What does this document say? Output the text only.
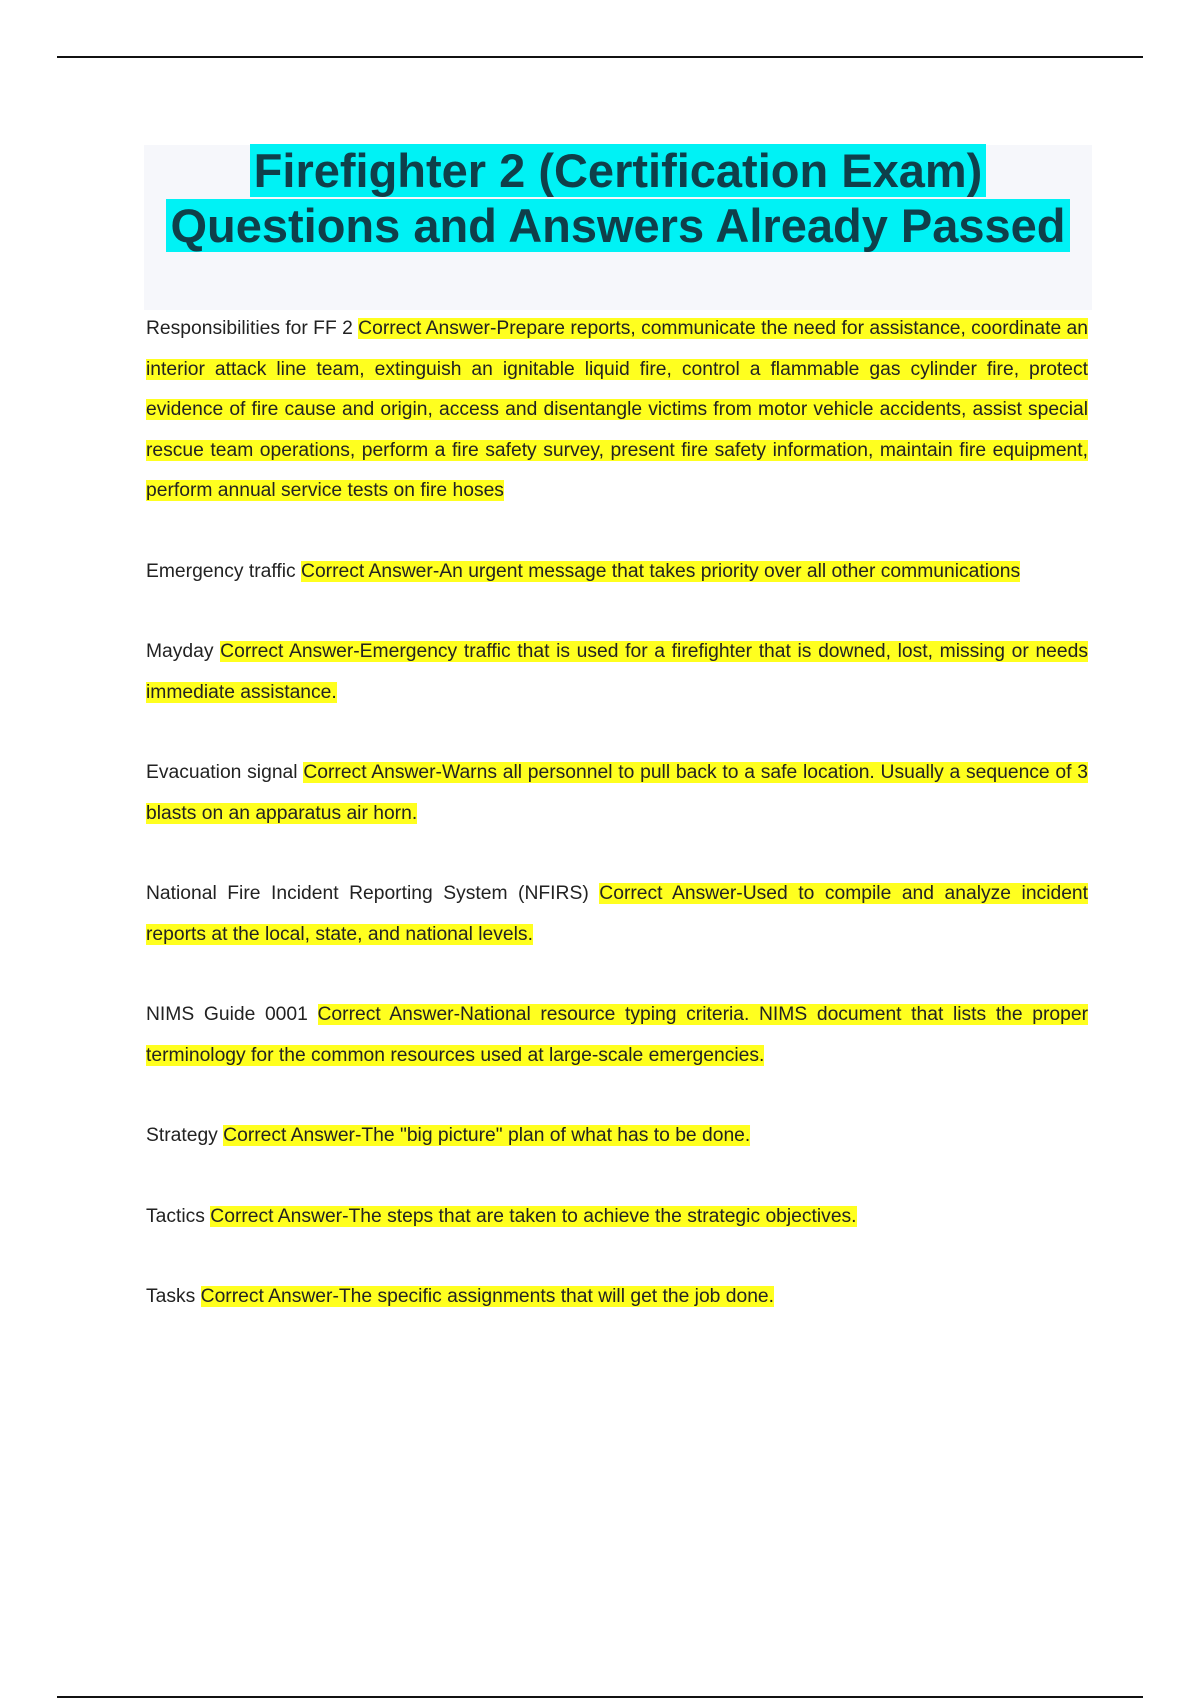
Firefighter 2 (Certification Exam)
Questions and Answers Already Passed
Responsibilities for FF 2 Correct Answer-Prepare reports, communicate the need for assistance, coordinate an interior attack line team, extinguish an ignitable liquid fire, control a flammable gas cylinder fire, protect evidence of fire cause and origin, access and disentangle victims from motor vehicle accidents, assist special rescue team operations, perform a fire safety survey, present fire safety information, maintain fire equipment, perform annual service tests on fire hoses
Emergency traffic Correct Answer-An urgent message that takes priority over all other communications
Mayday Correct Answer-Emergency traffic that is used for a firefighter that is downed, lost, missing or needs immediate assistance.
Evacuation signal Correct Answer-Warns all personnel to pull back to a safe location. Usually a sequence of 3 blasts on an apparatus air horn.
National Fire Incident Reporting System (NFIRS) Correct Answer-Used to compile and analyze incident reports at the local, state, and national levels.
NIMS Guide 0001 Correct Answer-National resource typing criteria. NIMS document that lists the proper terminology for the common resources used at large-scale emergencies.
Strategy Correct Answer-The "big picture" plan of what has to be done.
Tactics Correct Answer-The steps that are taken to achieve the strategic objectives.
Tasks Correct Answer-The specific assignments that will get the job done.
